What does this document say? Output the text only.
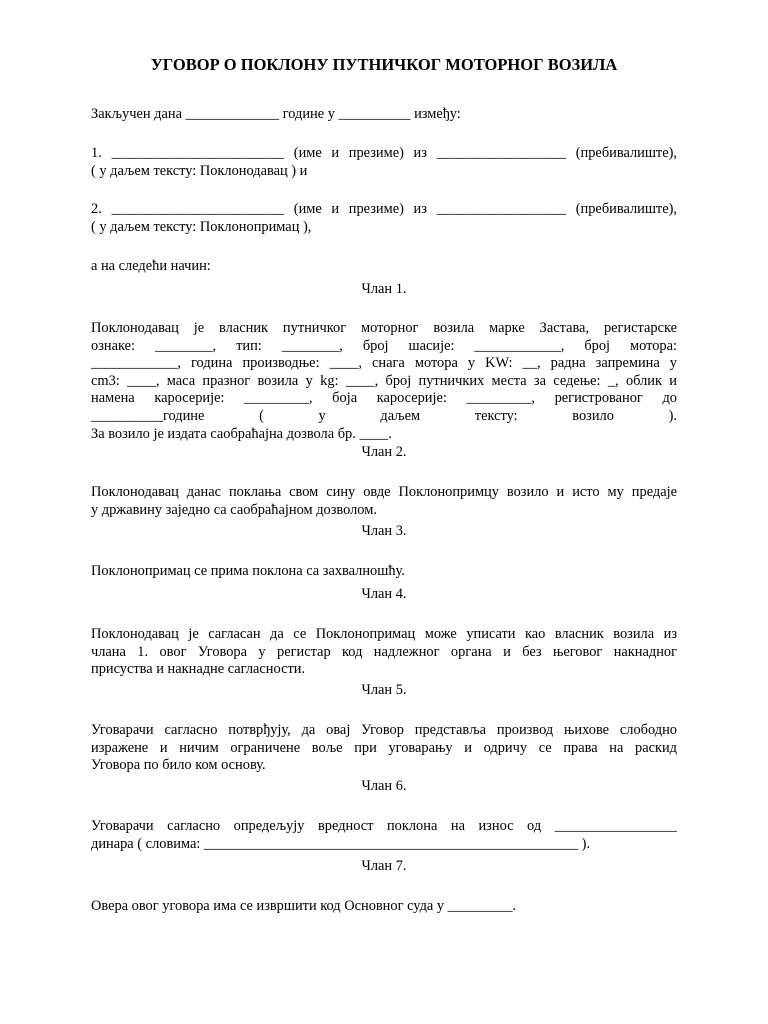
УГОВОР О ПОКЛОНУ ПУТНИЧКОГ МОТОРНОГ ВОЗИЛА

Закључен дана _____________ године у __________ између:

1. ________________________ (име и презиме) из __________________ (пребивалиште),
( у даљем тексту: Поклонодавац ) и
2. ________________________ (име и презиме) из __________________ (пребивалиште),
( у даљем тексту: Поклонопримац ),

а на следећи начин:

Члан 1.

Поклонодавац је власник путничког моторног возила марке Застава, регистарске
ознаке: ________, тип: ________, број шасије: ____________, број мотора:
____________, година производње: ____, снага мотора у KW: __, радна запремина у
cm3: ____, маса празног возила у kg: ____, број путничких места за седење: _, облик и
намена каросерије: _________, боја каросерије: _________, регистрованог до
__________године ( у даљем тексту: возило ).
За возило је издата саобраћајна дозвола бр. ____.

Члан 2.

Поклонодавац данас поклања свом сину овде Поклонопримцу возило и исто му предаје
у државину заједно са саобраћајном дозволом.

Члан 3.

Поклонопримац се прима поклона са захвалношћу.

Члан 4.

Поклонодавац је сагласан да се Поклонопримац може уписати као власник возила из
члана 1. овог Уговора у регистар код надлежног органа и без његовог накнадног
присуства и накнадне сагласности.

Члан 5.

Уговарачи сагласно потврђују, да овај Уговор представља производ њихове слободно
изражене и ничим ограничене воље при уговарању и одричу се права на раскид
Уговора по било ком основу.

Члан 6.

Уговарачи сагласно опредељују вредност поклона на износ од _________________
динара ( словима: ____________________________________________________ ).

Члан 7.

Овера овог уговора има се извршити код Основног суда у _________.
